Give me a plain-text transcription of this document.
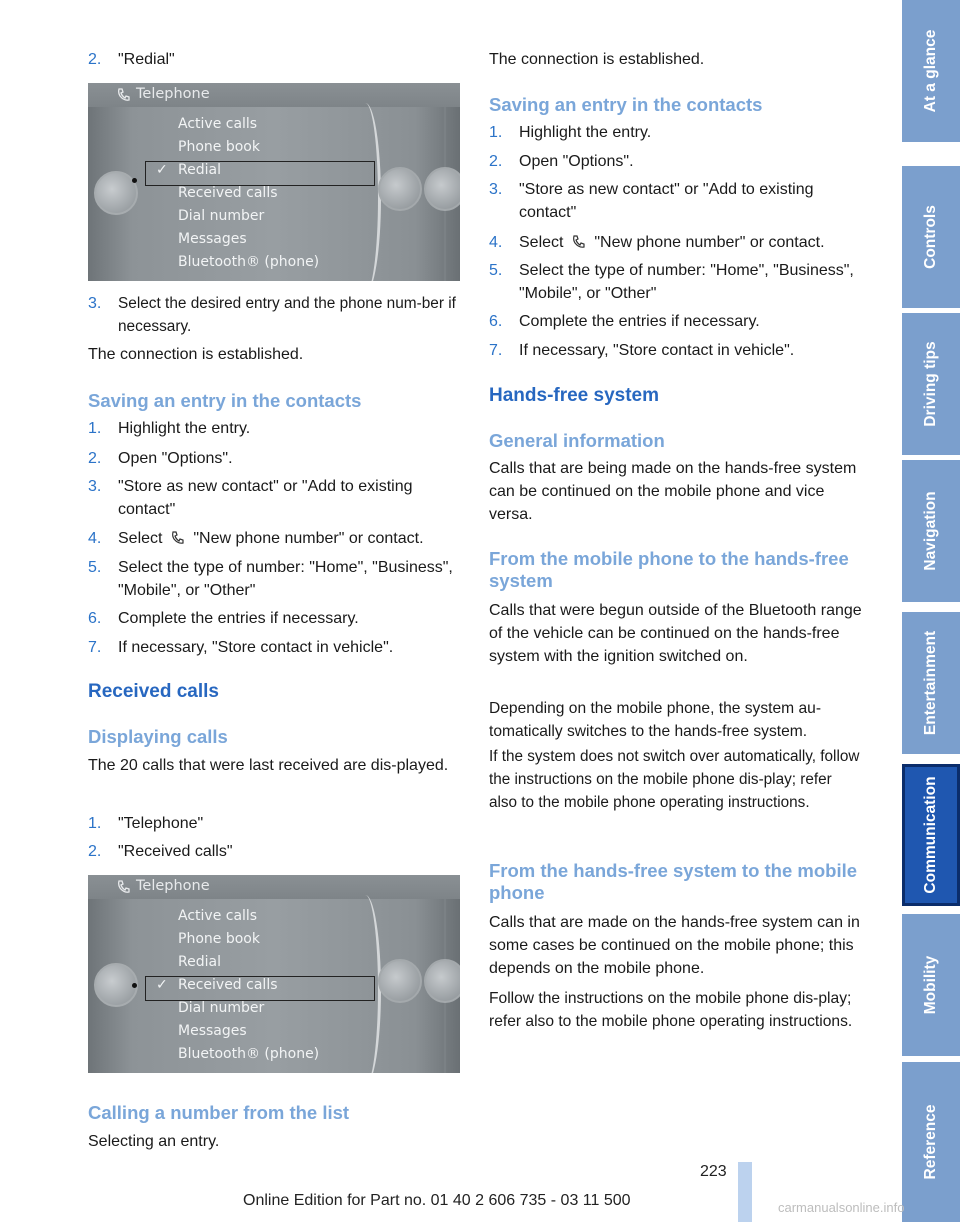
2. "Redial"
Telephone
Active calls
Phone book
✓ Redial
Received calls
Dial number
Messages
Bluetooth® (phone)
3. Select the desired entry and the phone num-ber if necessary.
The connection is established.
Saving an entry in the contacts
1. Highlight the entry.
2. Open "Options".
3. "Store as new contact" or "Add to existing contact"
4. Select "New phone number" or contact.
5. Select the type of number: "Home", "Business", "Mobile", or "Other"
6. Complete the entries if necessary.
7. If necessary, "Store contact in vehicle".
Received calls
Displaying calls
The 20 calls that were last received are dis-played.
1. "Telephone"
2. "Received calls"
Telephone
Active calls
Phone book
Redial
✓ Received calls
Dial number
Messages
Bluetooth® (phone)
Calling a number from the list
Selecting an entry.
The connection is established.
Saving an entry in the contacts
1. Highlight the entry.
2. Open "Options".
3. "Store as new contact" or "Add to existing contact"
4. Select "New phone number" or contact.
5. Select the type of number: "Home", "Business", "Mobile", or "Other"
6. Complete the entries if necessary.
7. If necessary, "Store contact in vehicle".
Hands-free system
General information
Calls that are being made on the hands-free system can be continued on the mobile phone and vice versa.
From the mobile phone to the hands-free system
Calls that were begun outside of the Bluetooth range of the vehicle can be continued on the hands-free system with the ignition switched on.
Depending on the mobile phone, the system au-tomatically switches to the hands-free system.
If the system does not switch over automatically, follow the instructions on the mobile phone dis-play; refer also to the mobile phone operating instructions.
From the hands-free system to the mobile phone
Calls that are made on the hands-free system can in some cases be continued on the mobile phone; this depends on the mobile phone.
Follow the instructions on the mobile phone dis-play; refer also to the mobile phone operating instructions.
At a glance
Controls
Driving tips
Navigation
Entertainment
Communication
Mobility
Reference
223
Online Edition for Part no. 01 40 2 606 735 - 03 11 500	carmanualsonline.info
